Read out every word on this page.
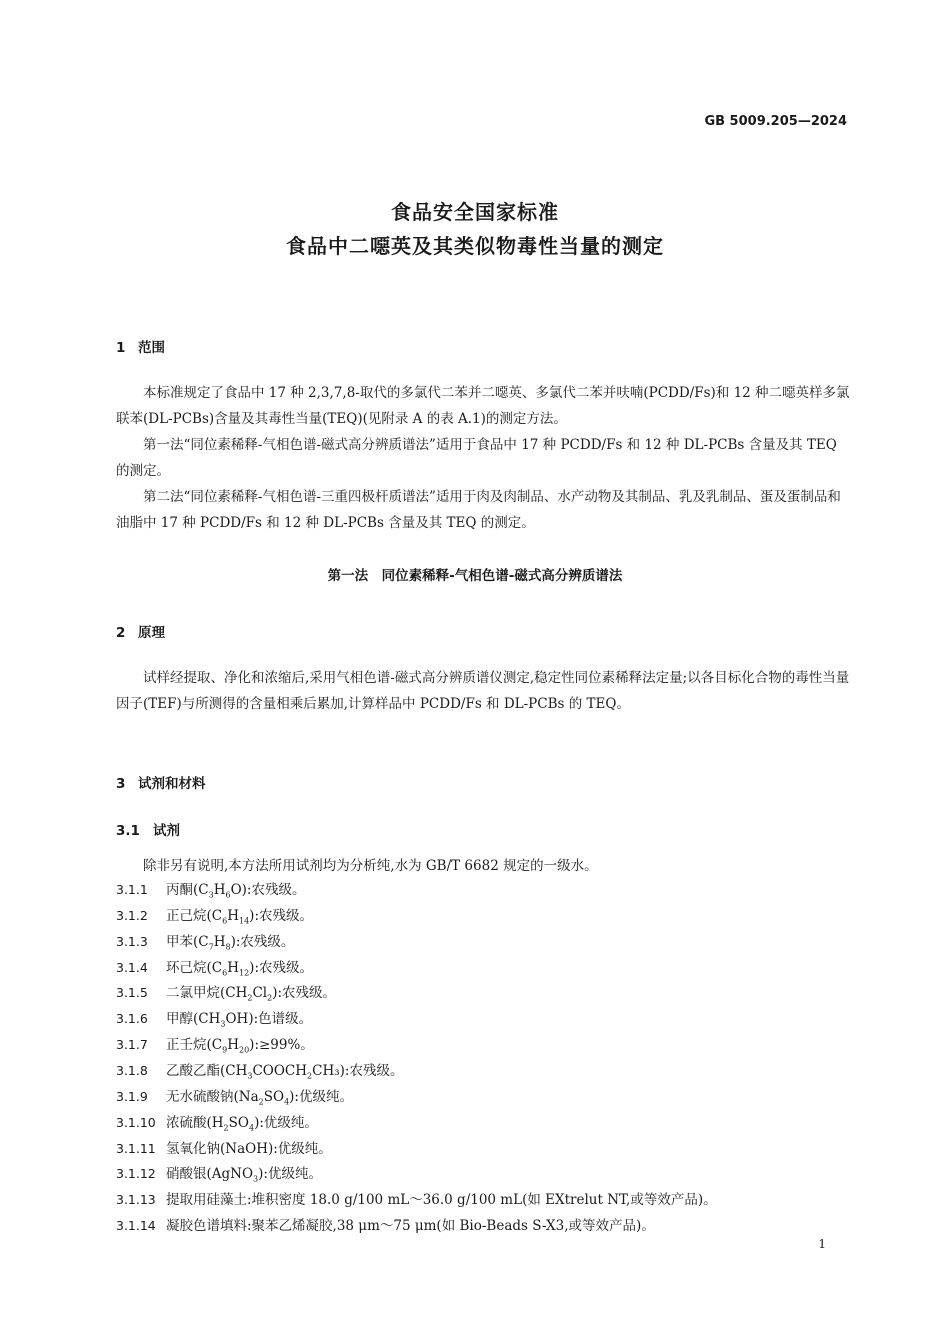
GB 5009.205—2024
食品安全国家标准
食品中二噁英及其类似物毒性当量的测定
1 范围
本标准规定了食品中 17 种 2,3,7,8-取代的多氯代二苯并二噁英、多氯代二苯并呋喃(PCDD/Fs)和 12 种二噁英样多氯联苯(DL-PCBs)含量及其毒性当量(TEQ)(见附录 A 的表 A.1)的测定方法。
第一法“同位素稀释-气相色谱-磁式高分辨质谱法”适用于食品中 17 种 PCDD/Fs 和 12 种 DL-PCBs 含量及其 TEQ 的测定。
第二法“同位素稀释-气相色谱-三重四极杆质谱法”适用于肉及肉制品、水产动物及其制品、乳及乳制品、蛋及蛋制品和油脂中 17 种 PCDD/Fs 和 12 种 DL-PCBs 含量及其 TEQ 的测定。
第一法　同位素稀释-气相色谱-磁式高分辨质谱法
2 原理
试样经提取、净化和浓缩后,采用气相色谱-磁式高分辨质谱仪测定,稳定性同位素稀释法定量;以各目标化合物的毒性当量因子(TEF)与所测得的含量相乘后累加,计算样品中 PCDD/Fs 和 DL-PCBs 的 TEQ。
3 试剂和材料
3.1 试剂
除非另有说明,本方法所用试剂均为分析纯,水为 GB/T 6682 规定的一级水。
3.1.1 丙酮$(C_3H_6O)$:农残级。
3.1.2 正己烷$(C_6H_{14})$:农残级。
3.1.3 甲苯$(C_7H_8)$:农残级。
3.1.4 环己烷$(C_6H_{12})$:农残级。
3.1.5 二氯甲烷$(CH_2Cl_2)$:农残级。
3.1.6 甲醇$(CH_3OH)$:色谱级。
3.1.7 正壬烷$(C_9H_{20}):\ge 99\%$。
3.1.8 乙酸乙酯$(CH_3COOCH_2CH_3)$:农残级。
3.1.9 无水硫酸钠$(Na_2SO_4)$:优级纯。
3.1.10 浓硫酸$(H_2SO_4)$:优级纯。
3.1.11 氢氧化钠(NaOH):优级纯。
3.1.12 硝酸银(AgNO$_3$):优级纯。
3.1.13 提取用硅藻土:堆积密度 18.0 g/100 mL～36.0 g/100 mL(如 EXtrelut NT,或等效产品)。
3.1.14 凝胶色谱填料:聚苯乙烯凝胶,38 μm～75 μm(如 Bio-Beads S-X3,或等效产品)。
1
